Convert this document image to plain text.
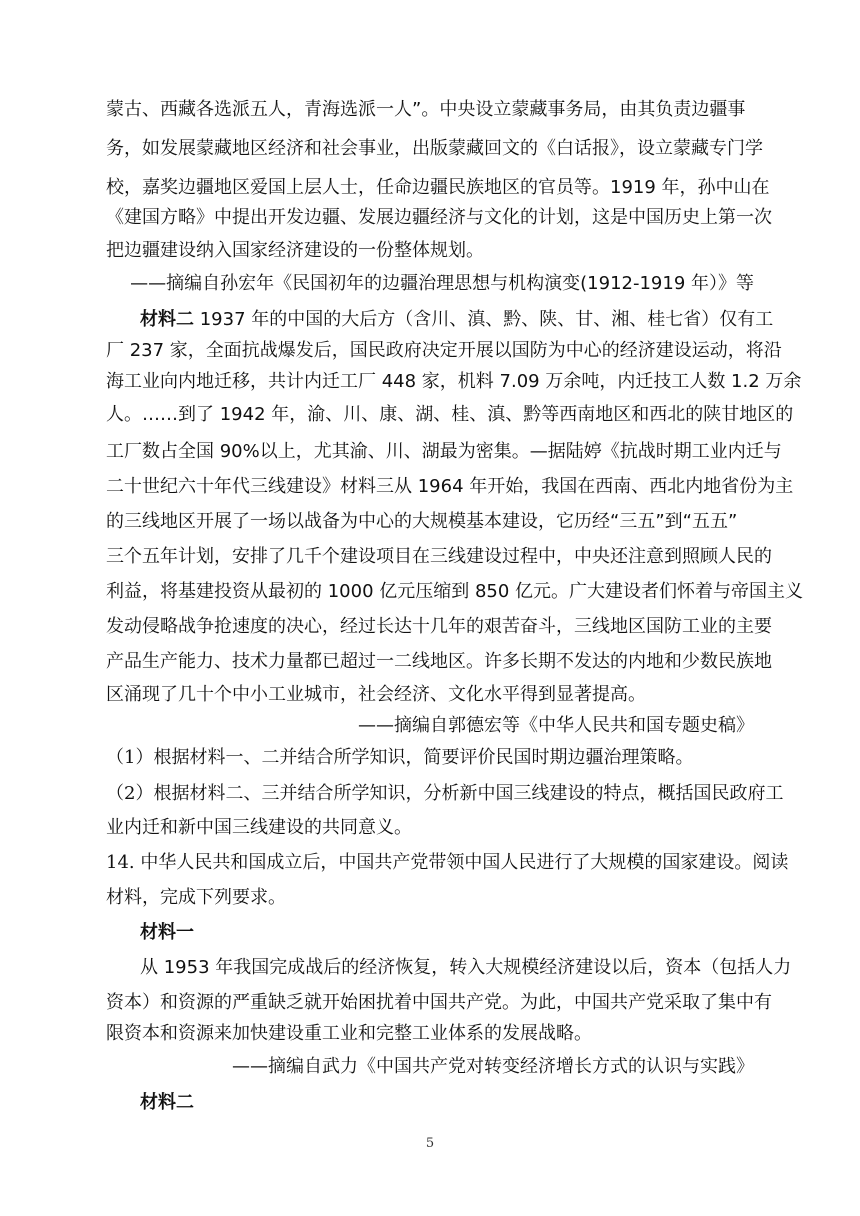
蒙古、西藏各选派五人，青海选派一人”。中央设立蒙藏事务局，由其负责边疆事
务，如发展蒙藏地区经济和社会事业，出版蒙藏回文的《白话报》，设立蒙藏专门学
校，嘉奖边疆地区爱国上层人士，任命边疆民族地区的官员等。1919 年，孙中山在
《建国方略》中提出开发边疆、发展边疆经济与文化的计划，这是中国历史上第一次
把边疆建设纳入国家经济建设的一份整体规划。
——摘编自孙宏年《民国初年的边疆治理思想与机构演变(1912-1919 年）》等
材料二 1937 年的中国的大后方（含川、滇、黔、陕、甘、湘、桂七省）仅有工
厂 237 家，全面抗战爆发后，国民政府决定开展以国防为中心的经济建设运动，将沿
海工业向内地迁移，共计内迁工厂 448 家，机料 7.09 万余吨，内迁技工人数 1.2 万余
人。……到了 1942 年，渝、川、康、湖、桂、滇、黔等西南地区和西北的陕甘地区的
工厂数占全国 90%以上，尤其渝、川、湖最为密集。—据陆婷《抗战时期工业内迁与
二十世纪六十年代三线建设》材料三从 1964 年开始，我国在西南、西北内地省份为主
的三线地区开展了一场以战备为中心的大规模基本建设，它历经“三五”到“五五”
三个五年计划，安排了几千个建设项目在三线建设过程中，中央还注意到照顾人民的
利益，将基建投资从最初的 1000 亿元压缩到 850 亿元。广大建设者们怀着与帝国主义
发动侵略战争抢速度的决心，经过长达十几年的艰苦奋斗，三线地区国防工业的主要
产品生产能力、技术力量都已超过一二线地区。许多长期不发达的内地和少数民族地
区涌现了几十个中小工业城市，社会经济、文化水平得到显著提高。
——摘编自郭德宏等《中华人民共和国专题史稿》
（1）根据材料一、二并结合所学知识，简要评价民国时期边疆治理策略。
（2）根据材料二、三并结合所学知识，分析新中国三线建设的特点，概括国民政府工
业内迁和新中国三线建设的共同意义。
14. 中华人民共和国成立后，中国共产党带领中国人民进行了大规模的国家建设。阅读
材料，完成下列要求。
材料一
从 1953 年我国完成战后的经济恢复，转入大规模经济建设以后，资本（包括人力
资本）和资源的严重缺乏就开始困扰着中国共产党。为此，中国共产党采取了集中有
限资本和资源来加快建设重工业和完整工业体系的发展战略。
——摘编自武力《中国共产党对转变经济增长方式的认识与实践》
材料二
5
